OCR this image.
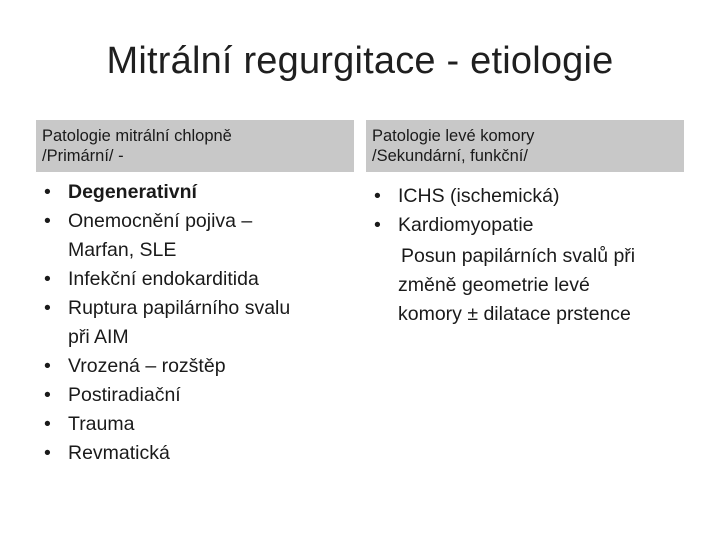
Mitrální regurgitace - etiologie
Patologie mitrální chlopně
/Primární/ -
• Degenerativní
• Onemocnění pojiva –
Marfan, SLE
• Infekční endokarditida
• Ruptura papilárního svalu
při AIM
• Vrozená – rozštěp
• Postiradiační
• Trauma
• Revmatická
Patologie levé komory
/Sekundární, funkční/
• ICHS (ischemická)
• Kardiomyopatie
Posun papilárních svalů při
změně geometrie levé
komory ± dilatace prstence
